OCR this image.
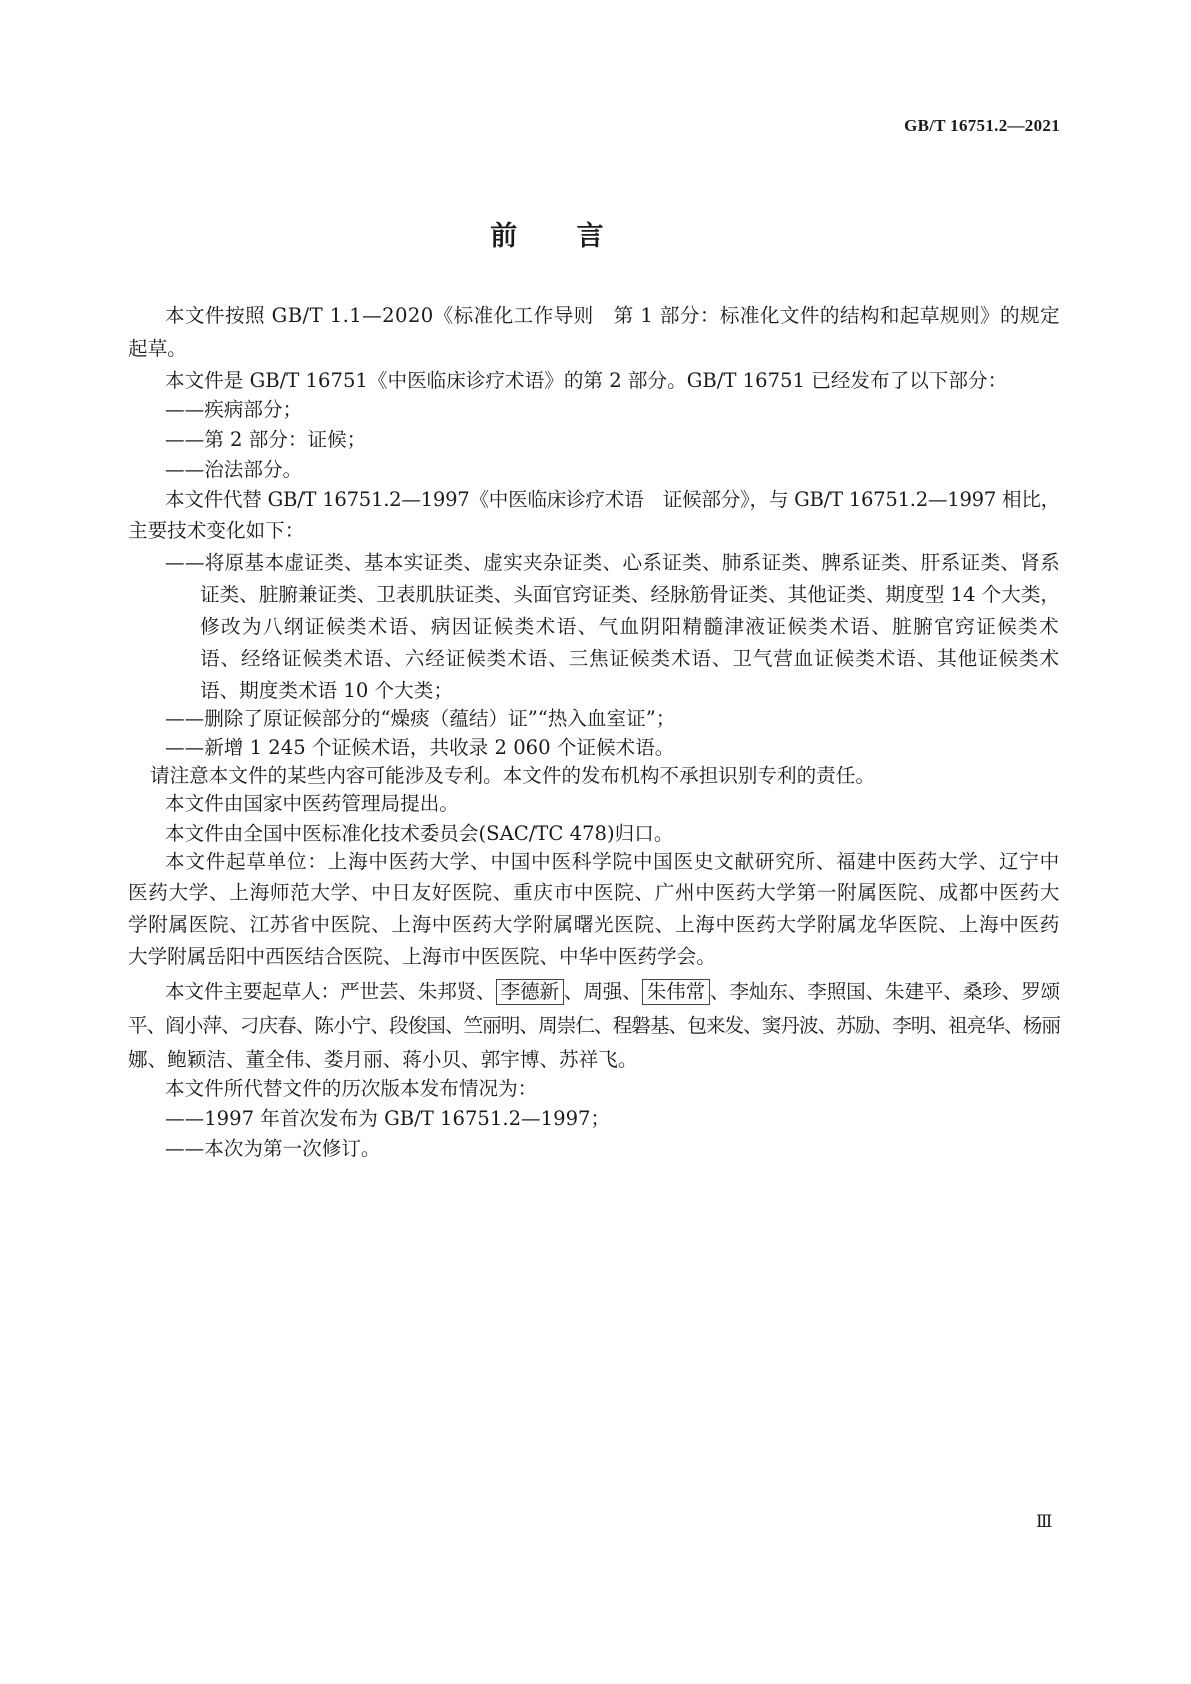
GB/T 16751.2—2021
前　言
本文件按照 GB/T 1.1—2020《标准化工作导则　第 1 部分：标准化文件的结构和起草规则》的规定
起草。
本文件是 GB/T 16751《中医临床诊疗术语》的第 2 部分。GB/T 16751 已经发布了以下部分：
——疾病部分；
——第 2 部分：证候；
——治法部分。
本文件代替 GB/T 16751.2—1997《中医临床诊疗术语　证候部分》，与 GB/T 16751.2—1997 相比，
主要技术变化如下：
——将原基本虚证类、基本实证类、虚实夹杂证类、心系证类、肺系证类、脾系证类、肝系证类、肾系
证类、脏腑兼证类、卫表肌肤证类、头面官窍证类、经脉筋骨证类、其他证类、期度型 14 个大类，
修改为八纲证候类术语、病因证候类术语、气血阴阳精髓津液证候类术语、脏腑官窍证候类术
语、经络证候类术语、六经证候类术语、三焦证候类术语、卫气营血证候类术语、其他证候类术
语、期度类术语 10 个大类；
——删除了原证候部分的“燥痰（蕴结）证”“热入血室证”；
——新增 1 245 个证候术语，共收录 2 060 个证候术语。
请注意本文件的某些内容可能涉及专利。本文件的发布机构不承担识别专利的责任。
本文件由国家中医药管理局提出。
本文件由全国中医标准化技术委员会(SAC/TC 478)归口。
本文件起草单位：上海中医药大学、中国中医科学院中国医史文献研究所、福建中医药大学、辽宁中
医药大学、上海师范大学、中日友好医院、重庆市中医院、广州中医药大学第一附属医院、成都中医药大
学附属医院、江苏省中医院、上海中医药大学附属曙光医院、上海中医药大学附属龙华医院、上海中医药
大学附属岳阳中西医结合医院、上海市中医医院、中华中医药学会。
本文件主要起草人：严世芸、朱邦贤、 李德新 、周强、 朱伟常 、李灿东、李照国、朱建平、桑珍、罗颂
平、阎小萍、刁庆春、陈小宁、段俊国、竺丽明、周崇仁、程磐基、包来发、窦丹波、苏励、李明、祖亮华、杨丽
娜、鲍颖洁、董全伟、娄月丽、蒋小贝、郭宇博、苏祥飞。
本文件所代替文件的历次版本发布情况为：
——1997 年首次发布为 GB/T 16751.2—1997；
——本次为第一次修订。
Ⅲ
